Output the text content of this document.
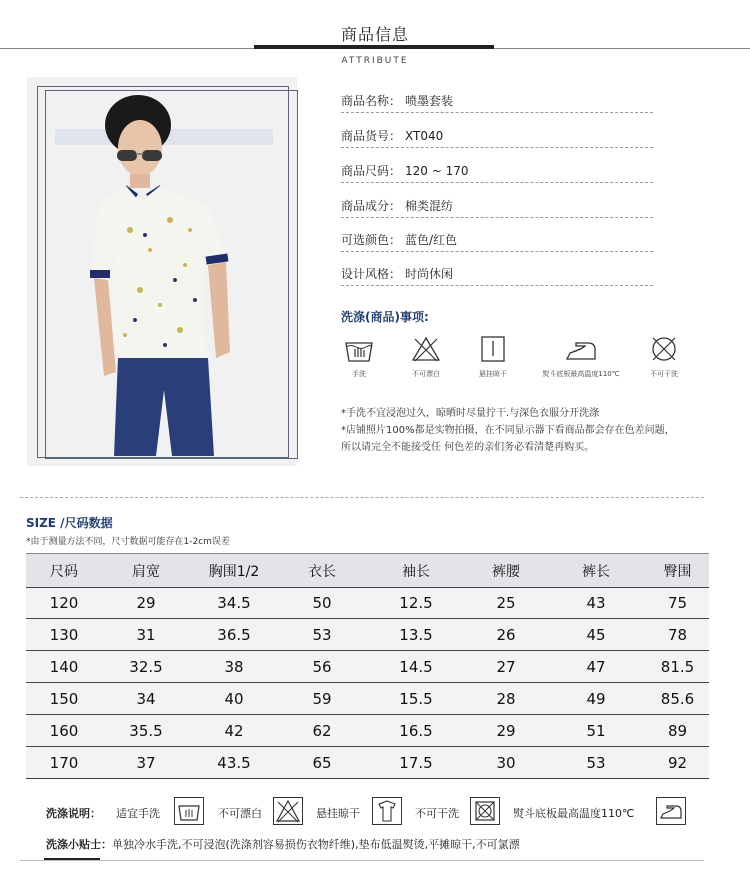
商品信息
ATTRIBUTE
商品名称： 喷墨套装
商品货号： XT040
商品尺码： 120 ~ 170
商品成分： 棉类混纺
可选颜色： 蓝色/红色
设计风格： 时尚休闲
洗涤(商品)事项:
手洗	不可漂白	悬挂晾干	熨斗底板最高温度110℃	不可干洗
*手洗不宜浸泡过久，晾晒时尽量拧干.与深色衣服分开洗涤
*店铺照片100%都是实物拍摄，在不同显示器下看商品都会存在色差问题，
所以请完全不能接受任 何色差的亲们务必看清楚再购买。
SIZE /尺码数据
*由于测量方法不同，尺寸数据可能存在1-2cm误差
尺码	肩宽	胸围1/2	衣长	袖长	裤腰	裤长	臀围
120	29	34.5	50	12.5	25	43	75
130	31	36.5	53	13.5	26	45	78
140	32.5	38	56	14.5	27	47	81.5
150	34	40	59	15.5	28	49	85.6
160	35.5	42	62	16.5	29	51	89
170	37	43.5	65	17.5	30	53	92
洗涤说明： 适宜手洗	不可漂白	悬挂晾干	不可干洗	熨斗底板最高温度110℃
洗涤小贴士：单独冷水手洗,不可浸泡(洗涤剂容易损伤衣物纤维),垫布低温熨烫,平摊晾干,不可氯漂
